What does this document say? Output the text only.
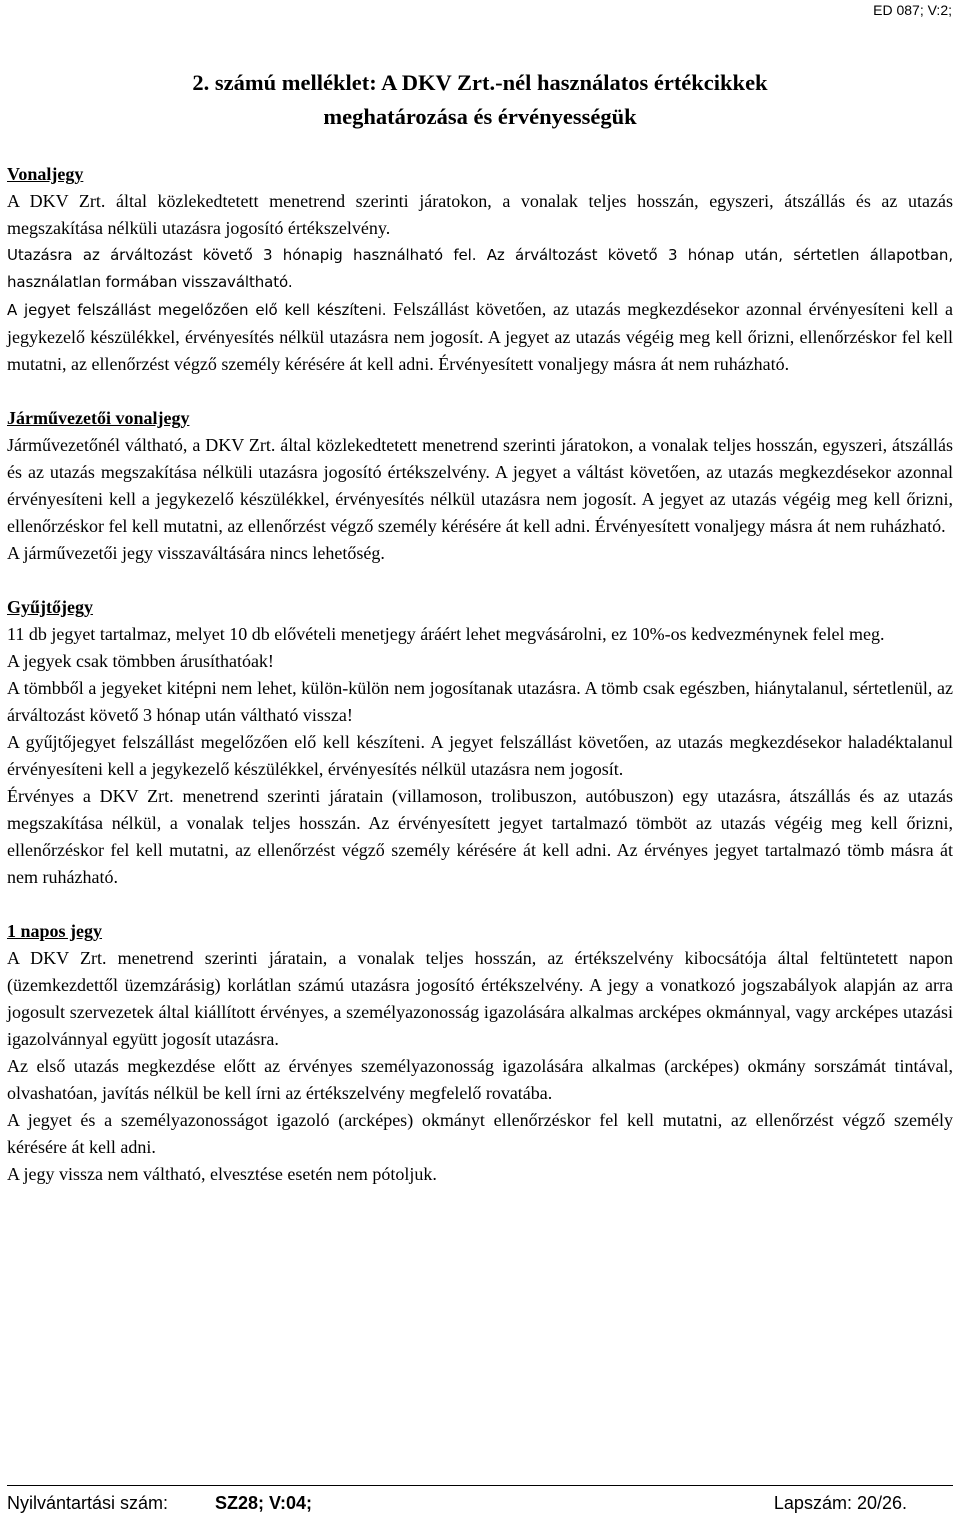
ED 087; V:2;
2. számú melléklet: A DKV Zrt.-nél használatos értékcikkek
meghatározása és érvényességük

Vonaljegy

A DKV Zrt. által közlekedtetett menetrend szerinti járatokon, a vonalak teljes hosszán, egyszeri, átszállás és az utazás megszakítása nélküli utazásra jogosító értékszelvény.

Utazásra az árváltozást követő 3 hónapig használható fel. Az árváltozást követő 3 hónap után, sértetlen állapotban, használatlan formában visszaváltható.

A jegyet felszállást megelőzően elő kell készíteni. Felszállást követően, az utazás megkezdésekor azonnal érvényesíteni kell a jegykezelő készülékkel, érvényesítés nélkül utazásra nem jogosít. A jegyet az utazás végéig meg kell őrizni, ellenőrzéskor fel kell mutatni, az ellenőrzést végző személy kérésére át kell adni. Érvényesített vonaljegy másra át nem ruházható.

Járművezetői vonaljegy

Járművezetőnél váltható, a DKV Zrt. által közlekedtetett menetrend szerinti járatokon, a vonalak teljes hosszán, egyszeri, átszállás és az utazás megszakítása nélküli utazásra jogosító értékszelvény. A jegyet a váltást követően, az utazás megkezdésekor azonnal érvényesíteni kell a jegykezelő készülékkel, érvényesítés nélkül utazásra nem jogosít. A jegyet az utazás végéig meg kell őrizni, ellenőrzéskor fel kell mutatni, az ellenőrzést végző személy kérésére át kell adni. Érvényesített vonaljegy másra át nem ruházható.

A járművezetői jegy visszaváltására nincs lehetőség.

Gyűjtőjegy

11 db jegyet tartalmaz, melyet 10 db elővételi menetjegy áráért lehet megvásárolni, ez 10%-os kedvezménynek felel meg.

A jegyek csak tömbben árusíthatóak!

A tömbből a jegyeket kitépni nem lehet, külön-külön nem jogosítanak utazásra. A tömb csak egészben, hiánytalanul, sértetlenül, az árváltozást követő 3 hónap után váltható vissza!

A gyűjtőjegyet felszállást megelőzően elő kell készíteni. A jegyet felszállást követően, az utazás megkezdésekor haladéktalanul érvényesíteni kell a jegykezelő készülékkel, érvényesítés nélkül utazásra nem jogosít.

Érvényes a DKV Zrt. menetrend szerinti járatain (villamoson, trolibuszon, autóbuszon) egy utazásra, átszállás és az utazás megszakítása nélkül, a vonalak teljes hosszán. Az érvényesített jegyet tartalmazó tömböt az utazás végéig meg kell őrizni, ellenőrzéskor fel kell mutatni, az ellenőrzést végző személy kérésére át kell adni. Az érvényes jegyet tartalmazó tömb másra át nem ruházható.

1 napos jegy

A DKV Zrt. menetrend szerinti járatain, a vonalak teljes hosszán, az értékszelvény kibocsátója által feltüntetett napon (üzemkezdettől üzemzárásig) korlátlan számú utazásra jogosító értékszelvény. A jegy a vonatkozó jogszabályok alapján az arra jogosult szervezetek által kiállított érvényes, a személyazonosság igazolására alkalmas arcképes okmánnyal, vagy arcképes utazási igazolvánnyal együtt jogosít utazásra.

Az első utazás megkezdése előtt az érvényes személyazonosság igazolására alkalmas (arcképes) okmány sorszámát tintával, olvashatóan, javítás nélkül be kell írni az értékszelvény megfelelő rovatába.

A jegyet és a személyazonosságot igazoló (arcképes) okmányt ellenőrzéskor fel kell mutatni, az ellenőrzést végző személy kérésére át kell adni.

A jegy vissza nem váltható, elvesztése esetén nem pótoljuk.

Nyilvántartási szám:	SZ28; V:04;	Lapszám: 20/26.
